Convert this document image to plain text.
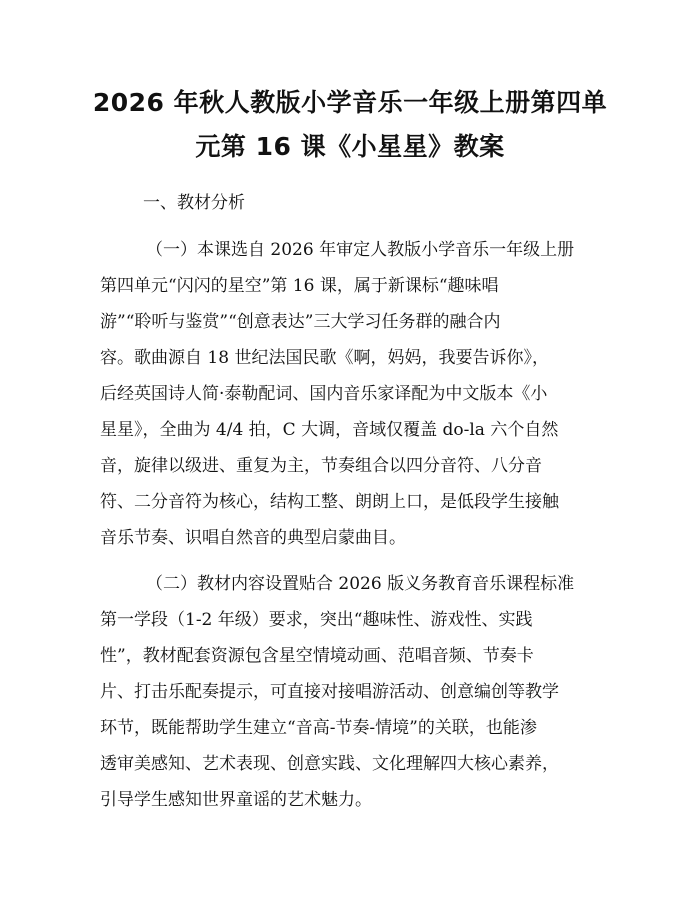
2026 年秋人教版小学音乐一年级上册第四单
元第 16 课《小星星》教案
一、教材分析
（一）本课选自 2026 年审定人教版小学音乐一年级上册
第四单元“闪闪的星空”第 16 课，属于新课标“趣味唱
游”“聆听与鉴赏”“创意表达”三大学习任务群的融合内
容。歌曲源自 18 世纪法国民歌《啊，妈妈，我要告诉你》，
后经英国诗人简·泰勒配词、国内音乐家译配为中文版本《小
星星》，全曲为 4/4 拍，C 大调，音域仅覆盖 do-la 六个自然
音，旋律以级进、重复为主，节奏组合以四分音符、八分音
符、二分音符为核心，结构工整、朗朗上口，是低段学生接触
音乐节奏、识唱自然音的典型启蒙曲目。
（二）教材内容设置贴合 2026 版义务教育音乐课程标准
第一学段（1-2 年级）要求，突出“趣味性、游戏性、实践
性”，教材配套资源包含星空情境动画、范唱音频、节奏卡
片、打击乐配奏提示，可直接对接唱游活动、创意编创等教学
环节，既能帮助学生建立“音高-节奏-情境”的关联，也能渗
透审美感知、艺术表现、创意实践、文化理解四大核心素养，
引导学生感知世界童谣的艺术魅力。
